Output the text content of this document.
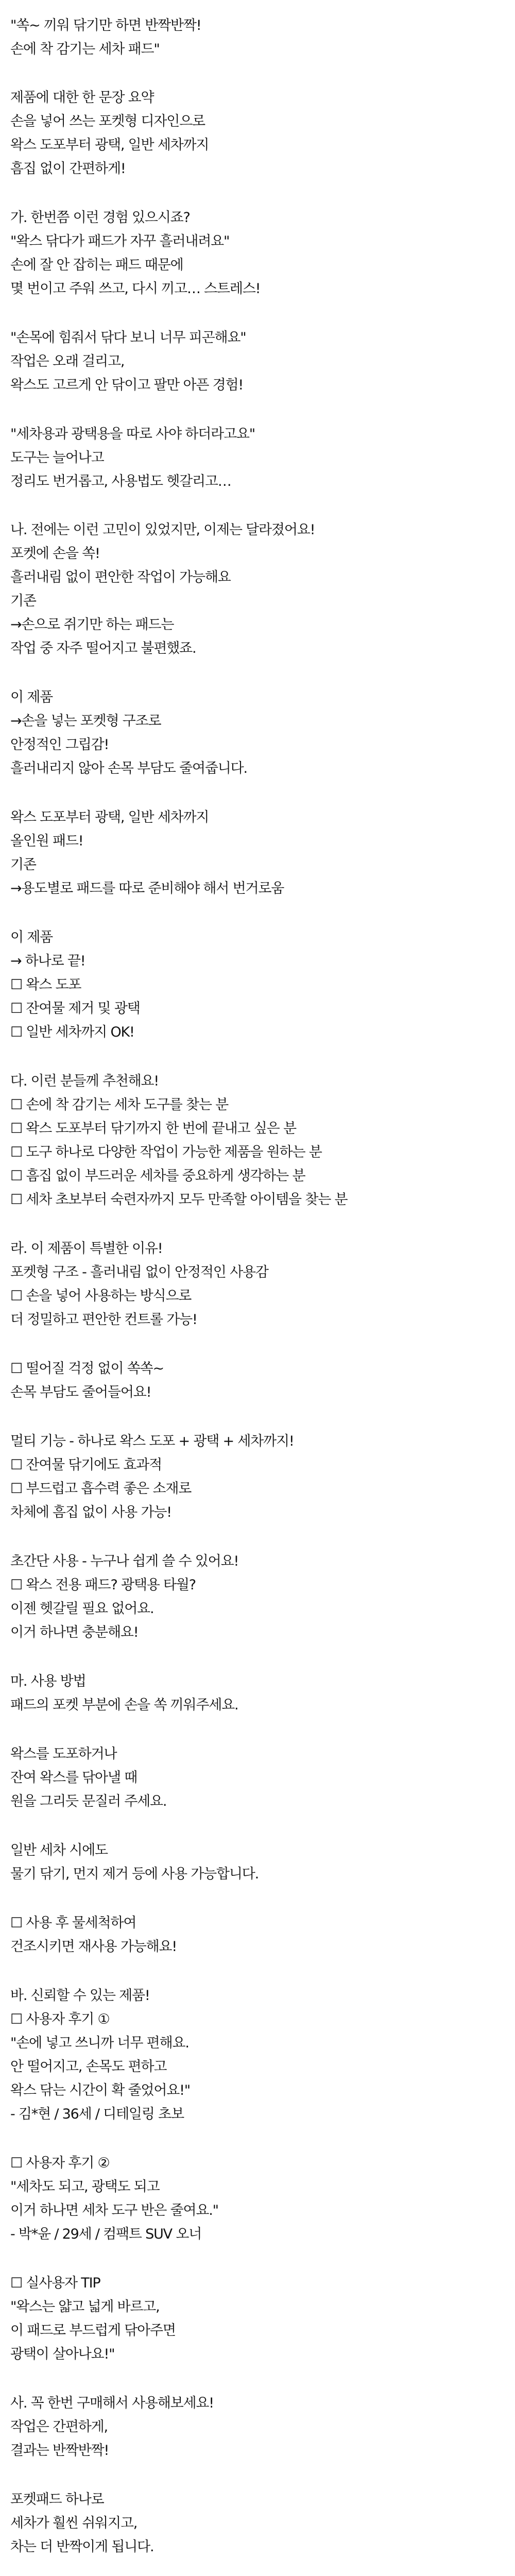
"쏙~ 끼워 닦기만 하면 반짝반짝!

손에 착 감기는 세차 패드"

제품에 대한 한 문장 요약

손을 넣어 쓰는 포켓형 디자인으로

왁스 도포부터 광택, 일반 세차까지

흠집 없이 간편하게!

가. 한번쯤 이런 경험 있으시죠?

"왁스 닦다가 패드가 자꾸 흘러내려요"

손에 잘 안 잡히는 패드 때문에

몇 번이고 주워 쓰고, 다시 끼고… 스트레스!

"손목에 힘줘서 닦다 보니 너무 피곤해요"

작업은 오래 걸리고,

왁스도 고르게 안 닦이고 팔만 아픈 경험!

"세차용과 광택용을 따로 사야 하더라고요"

도구는 늘어나고

정리도 번거롭고, 사용법도 헷갈리고…

나. 전에는 이런 고민이 있었지만, 이제는 달라졌어요!

포켓에 손을 쏙!

흘러내림 없이 편안한 작업이 가능해요

기존

→손으로 쥐기만 하는 패드는

작업 중 자주 떨어지고 불편했죠.

이 제품

→손을 넣는 포켓형 구조로

안정적인 그립감!

흘러내리지 않아 손목 부담도 줄여줍니다.

왁스 도포부터 광택, 일반 세차까지

올인원 패드!

기존

→용도별로 패드를 따로 준비해야 해서 번거로움

이 제품

→ 하나로 끝!

☐ 왁스 도포

☐ 잔여물 제거 및 광택

☐ 일반 세차까지 OK!

다. 이런 분들께 추천해요!

☐ 손에 착 감기는 세차 도구를 찾는 분

☐ 왁스 도포부터 닦기까지 한 번에 끝내고 싶은 분

☐ 도구 하나로 다양한 작업이 가능한 제품을 원하는 분

☐ 흠집 없이 부드러운 세차를 중요하게 생각하는 분

☐ 세차 초보부터 숙련자까지 모두 만족할 아이템을 찾는 분

라. 이 제품이 특별한 이유!

포켓형 구조 - 흘러내림 없이 안정적인 사용감

☐ 손을 넣어 사용하는 방식으로

더 정밀하고 편안한 컨트롤 가능!

☐ 떨어질 걱정 없이 쏙쏙~

손목 부담도 줄어들어요!

멀티 기능 - 하나로 왁스 도포 + 광택 + 세차까지!

☐ 잔여물 닦기에도 효과적

☐ 부드럽고 흡수력 좋은 소재로

차체에 흠집 없이 사용 가능!

초간단 사용 - 누구나 쉽게 쓸 수 있어요!

☐ 왁스 전용 패드? 광택용 타월?

이젠 헷갈릴 필요 없어요.

이거 하나면 충분해요!

마. 사용 방법

패드의 포켓 부분에 손을 쏙 끼워주세요.

왁스를 도포하거나

잔여 왁스를 닦아낼 때

원을 그리듯 문질러 주세요.

일반 세차 시에도

물기 닦기, 먼지 제거 등에 사용 가능합니다.

☐ 사용 후 물세척하여

건조시키면 재사용 가능해요!

바. 신뢰할 수 있는 제품!

☐ 사용자 후기 ①

"손에 넣고 쓰니까 너무 편해요.

안 떨어지고, 손목도 편하고

왁스 닦는 시간이 확 줄었어요!"

- 김*현 / 36세 / 디테일링 초보

☐ 사용자 후기 ②

"세차도 되고, 광택도 되고

이거 하나면 세차 도구 반은 줄여요."

- 박*윤 / 29세 / 컴팩트 SUV 오너

☐ 실사용자 TIP

"왁스는 얇고 넓게 바르고,

이 패드로 부드럽게 닦아주면

광택이 살아나요!"

사. 꼭 한번 구매해서 사용해보세요!

작업은 간편하게,

결과는 반짝반짝!

포켓패드 하나로

세차가 훨씬 쉬워지고,

차는 더 반짝이게 됩니다.
